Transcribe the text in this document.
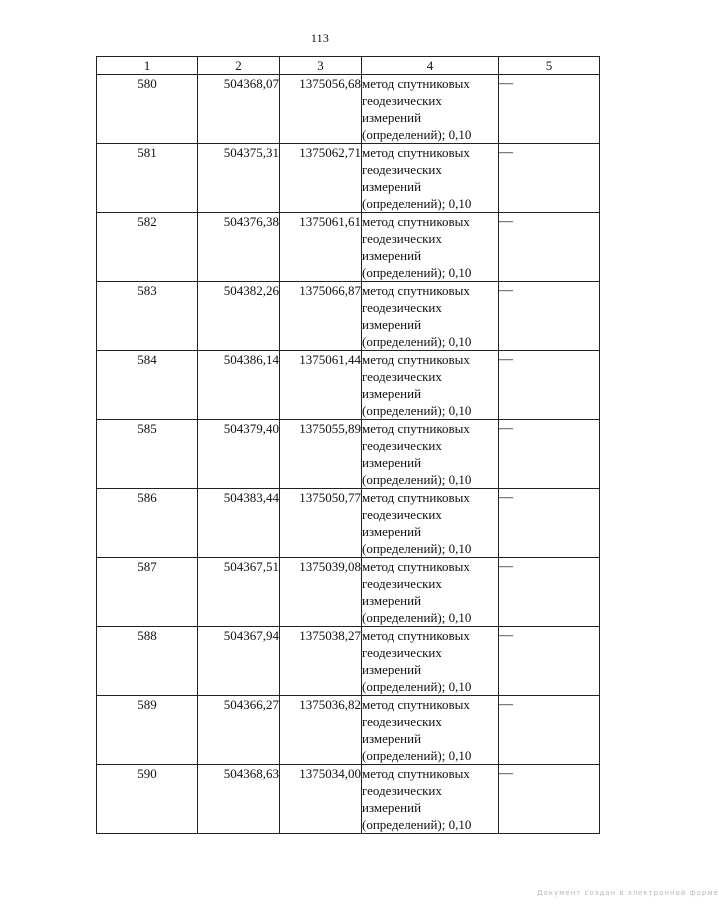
113
1	2	3	4	5
580	504368,07	1375056,68	метод спутниковых
геодезических
измерений
(определений); 0,10	—
581	504375,31	1375062,71	метод спутниковых
геодезических
измерений
(определений); 0,10	—
582	504376,38	1375061,61	метод спутниковых
геодезических
измерений
(определений); 0,10	—
583	504382,26	1375066,87	метод спутниковых
геодезических
измерений
(определений); 0,10	—
584	504386,14	1375061,44	метод спутниковых
геодезических
измерений
(определений); 0,10	—
585	504379,40	1375055,89	метод спутниковых
геодезических
измерений
(определений); 0,10	—
586	504383,44	1375050,77	метод спутниковых
геодезических
измерений
(определений); 0,10	—
587	504367,51	1375039,08	метод спутниковых
геодезических
измерений
(определений); 0,10	—
588	504367,94	1375038,27	метод спутниковых
геодезических
измерений
(определений); 0,10	—
589	504366,27	1375036,82	метод спутниковых
геодезических
измерений
(определений); 0,10	—
590	504368,63	1375034,00	метод спутниковых
геодезических
измерений
(определений); 0,10	—
Документ создан в электронной форме
